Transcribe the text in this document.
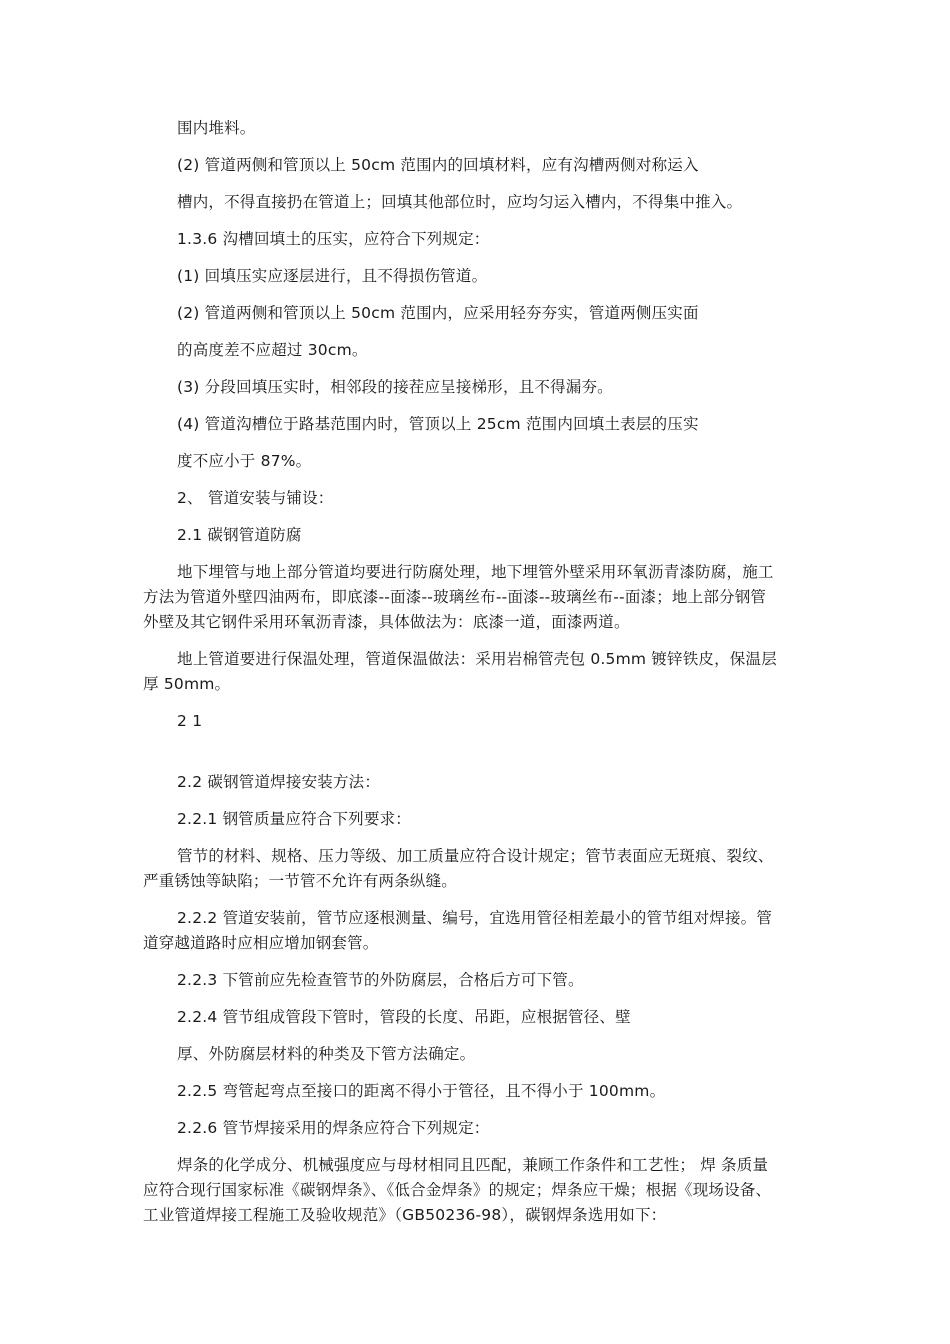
围内堆料。
(2) 管道两侧和管顶以上 50cm 范围内的回填材料，应有沟槽两侧对称运入
槽内，不得直接扔在管道上；回填其他部位时，应均匀运入槽内，不得集中推入。
1.3.6 沟槽回填土的压实，应符合下列规定：
(1) 回填压实应逐层进行，且不得损伤管道。
(2) 管道两侧和管顶以上 50cm 范围内，应采用轻夯夯实，管道两侧压实面
的高度差不应超过 30cm。
(3) 分段回填压实时，相邻段的接茬应呈接梯形，且不得漏夯。
(4) 管道沟槽位于路基范围内时，管顶以上 25cm 范围内回填土表层的压实
度不应小于 87%。
2、 管道安装与铺设：
2.1 碳钢管道防腐
地下埋管与地上部分管道均要进行防腐处理，地下埋管外壁采用环氧沥青漆防腐，施工
方法为管道外壁四油两布，即底漆--面漆--玻璃丝布--面漆--玻璃丝布--面漆；地上部分钢管
外壁及其它钢件采用环氧沥青漆，具体做法为：底漆一道，面漆两道。
地上管道要进行保温处理，管道保温做法：采用岩棉管壳包 0.5mm 镀锌铁皮，保温层
厚 50mm。
2 1
2.2 碳钢管道焊接安装方法：
2.2.1 钢管质量应符合下列要求：
管节的材料、规格、压力等级、加工质量应符合设计规定；管节表面应无斑痕、裂纹、
严重锈蚀等缺陷；一节管不允许有两条纵缝。
2.2.2 管道安装前，管节应逐根测量、编号，宜选用管径相差最小的管节组对焊接。管
道穿越道路时应相应增加钢套管。
2.2.3 下管前应先检查管节的外防腐层，合格后方可下管。
2.2.4 管节组成管段下管时，管段的长度、吊距，应根据管径、壁
厚、外防腐层材料的种类及下管方法确定。
2.2.5 弯管起弯点至接口的距离不得小于管径，且不得小于 100mm。
2.2.6 管节焊接采用的焊条应符合下列规定：
焊条的化学成分、机械强度应与母材相同且匹配，兼顾工作条件和工艺性； 焊 条质量
应符合现行国家标准《碳钢焊条》、《低合金焊条》的规定；焊条应干燥；根据《现场设备、
工业管道焊接工程施工及验收规范》（GB50236-98），碳钢焊条选用如下：
